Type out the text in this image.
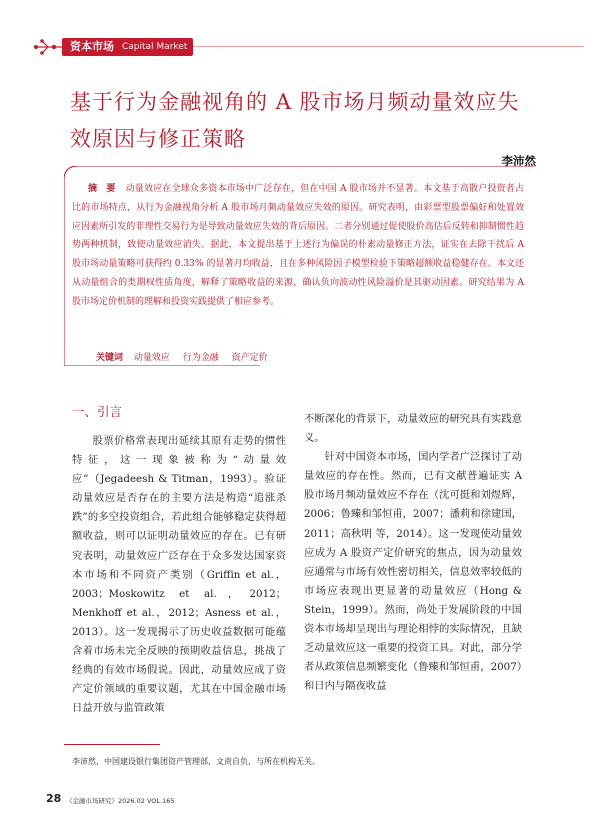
资本市场 Capital Market
基于行为金融视角的 A 股市场月频动量效应失效原因与修正策略
李沛然
摘　要 动量效应在全球众多资本市场中广泛存在，但在中国 A 股市场并不显著。本文基于高散户投资者占比的市场特点，从行为金融视角分析 A 股市场月频动量效应失效的原因。研究表明，由彩票型股票偏好和处置效应因素所引发的非理性交易行为是导致动量效应失效的背后原因。二者分别通过促使股价高估后反转和抑制惯性趋势两种机制，致使动量效应消失。据此，本文提出基于上述行为偏误的朴素动量修正方法，证实在去除干扰后 A 股市场动量策略可获得约 0.33% 的显著月均收益，且在多种风险因子模型检验下策略超额收益稳健存在。本文还从动量组合的类期权性质角度，解释了策略收益的来源，确认负向波动性风险溢价是其驱动因素。研究结果为 A 股市场定价机制的理解和投资实践提供了相应参考。
关键词 动量效应 行为金融 资产定价
一、引言

股票价格常表现出延续其原有走势的惯性特征，这一现象被称为“动量效应”（Jegadeesh & Titman，1993）。验证动量效应是否存在的主要方法是构造“追涨杀跌”的多空投资组合，若此组合能够稳定获得超额收益，则可以证明动量效应的存在。已有研究表明，动量效应广泛存在于众多发达国家资本市场和不同资产类别（Griffin et al.，2003；Moskowitz et al.，2012；Menkhoff et al.，2012；Asness et al.，2013）。这一发现揭示了历史收益数据可能蕴含着市场未完全反映的预期收益信息，挑战了经典的有效市场假说。因此，动量效应成了资产定价领域的重要议题，尤其在中国金融市场日益开放与监管政策

不断深化的背景下，动量效应的研究具有实践意义。

针对中国资本市场，国内学者广泛探讨了动量效应的存在性。然而，已有文献普遍证实 A 股市场月频动量效应不存在（沈可挺和刘煜辉，2006；鲁臻和邹恒甫，2007；潘莉和徐建国，2011；高秋明 等，2014）。这一发现使动量效应成为 A 股资产定价研究的焦点，因为动量效应通常与市场有效性密切相关，信息效率较低的市场应表现出更显著的动量效应（Hong & Stein，1999）。然而，尚处于发展阶段的中国资本市场却呈现出与理论相悖的实际情况，且缺乏动量效应这一重要的投资工具。对此，部分学者从政策信息频繁变化（鲁臻和邹恒甫，2007）和日内与隔夜收益

李沛然，中国建设银行集团资产管理部，文责自负，与所在机构无关。
28 《金融市场研究》2026.02 VOL.165
